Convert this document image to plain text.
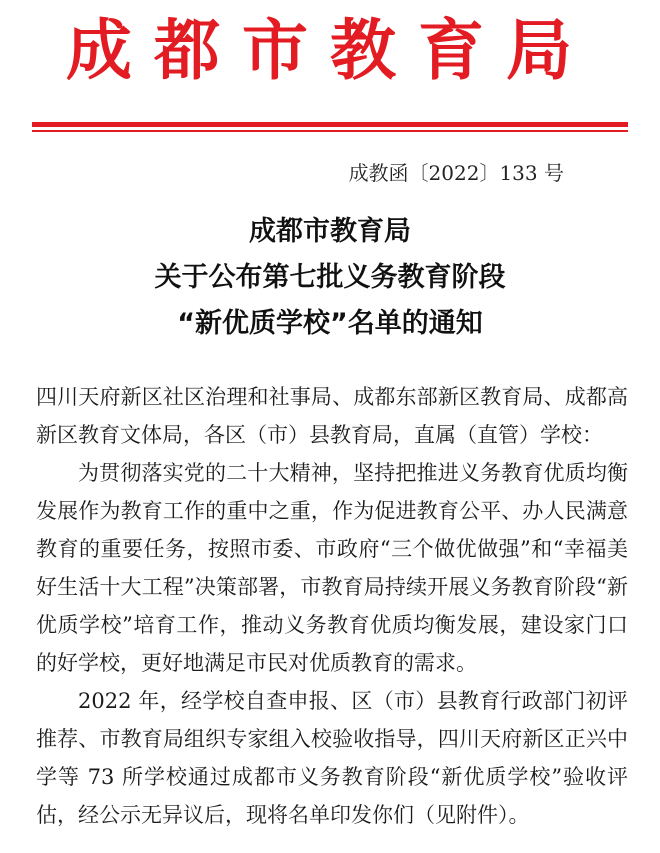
成都市教育局
成教函〔2022〕133 号
成都市教育局
关于公布第七批义务教育阶段
“新优质学校”名单的通知

四川天府新区社区治理和社事局、成都东部新区教育局、成都高新区教育文体局，各区（市）县教育局，直属（直管）学校：

为贯彻落实党的二十大精神，坚持把推进义务教育优质均衡发展作为教育工作的重中之重，作为促进教育公平、办人民满意教育的重要任务，按照市委、市政府“三个做优做强”和“幸福美好生活十大工程”决策部署，市教育局持续开展义务教育阶段“新优质学校”培育工作，推动义务教育优质均衡发展，建设家门口的好学校，更好地满足市民对优质教育的需求。

2022 年，经学校自查申报、区（市）县教育行政部门初评推荐、市教育局组织专家组入校验收指导，四川天府新区正兴中学等 73 所学校通过成都市义务教育阶段“新优质学校”验收评估，经公示无异议后，现将名单印发你们（见附件）。
